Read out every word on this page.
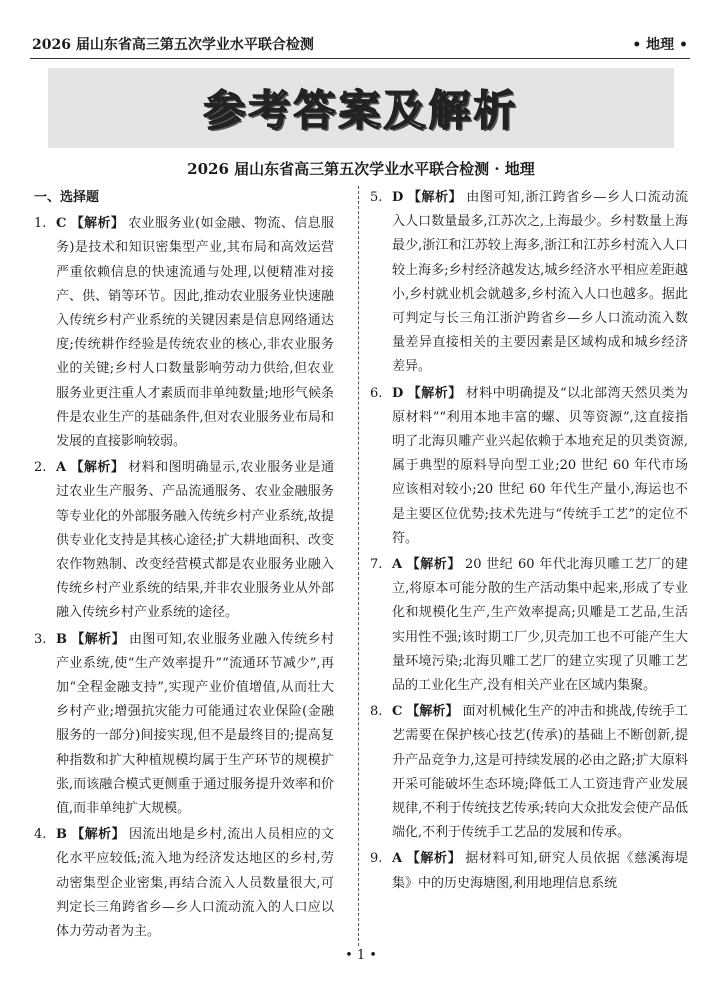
2026 届山东省高三第五次学业水平联合检测	• 地理 •
参考答案及解析
2026 届山东省高三第五次学业水平联合检测 · 地理
一、选择题
1. C 【解析】 农业服务业(如金融、物流、信息服务)是技术和知识密集型产业,其布局和高效运营严重依赖信息的快速流通与处理,以便精准对接产、供、销等环节。因此,推动农业服务业快速融入传统乡村产业系统的关键因素是信息网络通达度;传统耕作经验是传统农业的核心,非农业服务业的关键;乡村人口数量影响劳动力供给,但农业服务业更注重人才素质而非单纯数量;地形气候条件是农业生产的基础条件,但对农业服务业布局和发展的直接影响较弱。
2. A 【解析】 材料和图明确显示,农业服务业是通过农业生产服务、产品流通服务、农业金融服务等专业化的外部服务融入传统乡村产业系统,故提供专业化支持是其核心途径;扩大耕地面积、改变农作物熟制、改变经营模式都是农业服务业融入传统乡村产业系统的结果,并非农业服务业从外部融入传统乡村产业系统的途径。
3. B 【解析】 由图可知,农业服务业融入传统乡村产业系统,使“生产效率提升”“流通环节减少”,再加“全程金融支持”,实现产业价值增值,从而壮大乡村产业;增强抗灾能力可能通过农业保险(金融服务的一部分)间接实现,但不是最终目的;提高复种指数和扩大种植规模均属于生产环节的规模扩张,而该融合模式更侧重于通过服务提升效率和价值,而非单纯扩大规模。
4. B 【解析】 因流出地是乡村,流出人员相应的文化水平应较低;流入地为经济发达地区的乡村,劳动密集型企业密集,再结合流入人员数量很大,可判定长三角跨省乡—乡人口流动流入的人口应以体力劳动者为主。
5. D 【解析】 由图可知,浙江跨省乡—乡人口流动流入人口数量最多,江苏次之,上海最少。乡村数量上海最少,浙江和江苏较上海多,浙江和江苏乡村流入人口较上海多;乡村经济越发达,城乡经济水平相应差距越小,乡村就业机会就越多,乡村流入人口也越多。据此可判定与长三角江浙沪跨省乡—乡人口流动流入数量差异直接相关的主要因素是区域构成和城乡经济差异。
6. D 【解析】 材料中明确提及“以北部湾天然贝类为原材料”“利用本地丰富的螺、贝等资源”,这直接指明了北海贝雕产业兴起依赖于本地充足的贝类资源,属于典型的原料导向型工业;20 世纪 60 年代市场应该相对较小;20 世纪 60 年代生产量小,海运也不是主要区位优势;技术先进与“传统手工艺”的定位不符。
7. A 【解析】 20 世纪 60 年代北海贝雕工艺厂的建立,将原本可能分散的生产活动集中起来,形成了专业化和规模化生产,生产效率提高;贝雕是工艺品,生活实用性不强;该时期工厂少,贝壳加工也不可能产生大量环境污染;北海贝雕工艺厂的建立实现了贝雕工艺品的工业化生产,没有相关产业在区域内集聚。
8. C 【解析】 面对机械化生产的冲击和挑战,传统手工艺需要在保护核心技艺(传承)的基础上不断创新,提升产品竞争力,这是可持续发展的必由之路;扩大原料开采可能破坏生态环境;降低工人工资违背产业发展规律,不利于传统技艺传承;转向大众批发会使产品低端化,不利于传统手工艺品的发展和传承。
9. A 【解析】 据材料可知,研究人员依据《慈溪海堤集》中的历史海塘图,利用地理信息系统
• 1 •
